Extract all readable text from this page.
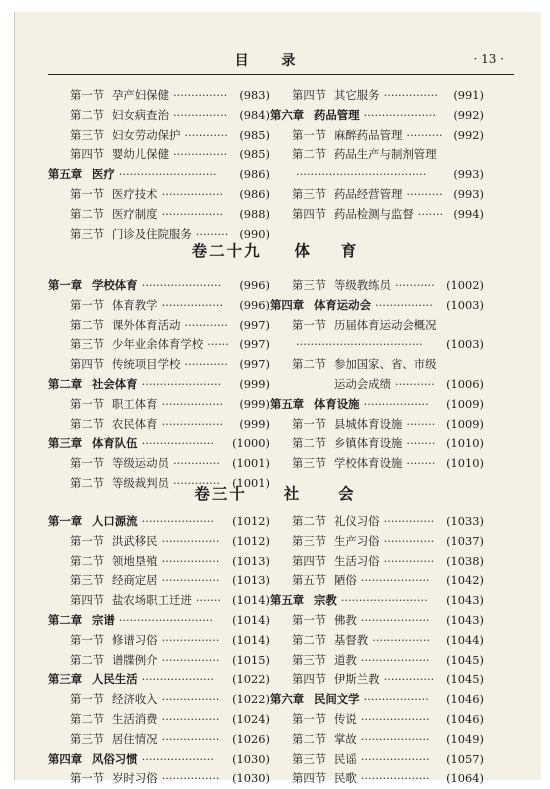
目 录	· 13 ·
第一节 孕产妇保健	(983)
···············
第二节 妇女病查治	(984)
···············
第三节 妇女劳动保护	(985)
············
第四节 婴幼儿保健	(985)
···············
第五章 医疗	(986)
···························
第一节 医疗技术	(986)
·················
第二节 医疗制度	(988)
·················
第三节 门诊及住院服务	(990)
·········
第四节 其它服务	(991)
···············
第六章 药品管理	(992)
····················
第一节 麻醉药品管理	(992)
··········
第二节 药品生产与制剂管理
(993)
····································
第三节 药品经营管理	(993)
··········
第四节 药品检测与监督	(994)
·······
卷二十九 体 育
第一章 学校体育	(996)
······················
第一节 体育教学	(996)
·················
第二节 课外体育活动	(997)
············
第三节 少年业余体育学校	(997)
······
第四节 传统项目学校	(997)
············
第二章 社会体育	(999)
······················
第一节 职工体育	(999)
·················
第二节 农民体育	(999)
·················
第三章 体育队伍	(1000)
····················
第一节 等级运动员	(1001)
·············
第二节 等级裁判员	(1001)
·············
第三节 等级教练员	(1002)
···········
第四章 体育运动会	(1003)
················
第一节 历届体育运动会概况
(1003)
···································
第二节 参加国家、省、市级
运动会成绩	(1006)
···········
第五章 体育设施	(1009)
··················
第一节 县城体育设施	(1009)
········
第二节 乡镇体育设施	(1010)
········
第三节 学校体育设施	(1010)
········
卷三十 社 会
第一章 人口源流	(1012)
····················
第一节 洪武移民	(1012)
················
第二节 领地垦殖	(1013)
················
第三节 经商定居	(1013)
················
第四节 盐农场职工迁进	(1014)
·······
第二章 宗谱	(1014)
··························
第一节 修谱习俗	(1014)
················
第二节 谱牒例介	(1015)
················
第三章 人民生活	(1022)
····················
第一节 经济收入	(1022)
················
第二节 生活消费	(1024)
················
第三节 居住情况	(1026)
················
第四章 风俗习惯	(1030)
····················
第一节 岁时习俗	(1030)
················
第二节 礼仪习俗	(1033)
··············
第三节 生产习俗	(1037)
··············
第四节 生活习俗	(1038)
··············
第五节 陋俗	(1042)
···················
第五章 宗教	(1043)
························
第一节 佛教	(1043)
···················
第二节 基督教	(1044)
················
第三节 道教	(1045)
···················
第四节 伊斯兰教	(1045)
··············
第六章 民间文学	(1046)
··················
第一节 传说	(1046)
···················
第二节 掌故	(1049)
···················
第三节 民谣	(1057)
···················
第四节 民歌	(1064)
···················
